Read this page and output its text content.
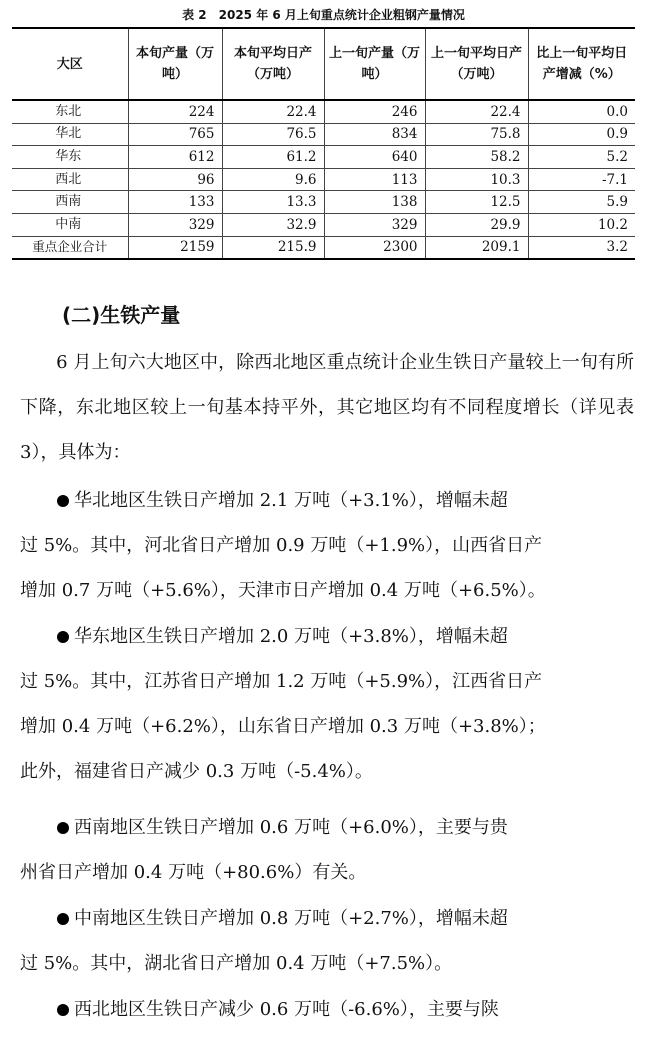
表 2　2025 年 6 月上旬重点统计企业粗钢产量情况
大区	本旬产量（万吨）	本旬平均日产（万吨）	上一旬产量（万吨）	上一旬平均日产（万吨）	比上一旬平均日产增减（%）
东北	224	22.4	246	22.4	0.0
华北	765	76.5	834	75.8	0.9
华东	612	61.2	640	58.2	5.2
西北	96	9.6	113	10.3	-7.1
西南	133	13.3	138	12.5	5.9
中南	329	32.9	329	29.9	10.2
重点企业合计	2159	215.9	2300	209.1	3.2
(二)生铁产量

　　6 月上旬六大地区中，除西北地区重点统计企业生铁日产量较上一旬有所下降，东北地区较上一旬基本持平外，其它地区均有不同程度增长（详见表 3），具体为：

　　　华北地区生铁日产增加 2.1 万吨（+3.1%），增幅未超
过 5%。其中，河北省日产增加 0.9 万吨（+1.9%），山西省日产
增加 0.7 万吨（+5.6%），天津市日产增加 0.4 万吨（+6.5%）。
　　　华东地区生铁日产增加 2.0 万吨（+3.8%），增幅未超
过 5%。其中，江苏省日产增加 1.2 万吨（+5.9%），江西省日产
增加 0.4 万吨（+6.2%），山东省日产增加 0.3 万吨（+3.8%）；
此外，福建省日产减少 0.3 万吨（-5.4%）。
　　　西南地区生铁日产增加 0.6 万吨（+6.0%），主要与贵
州省日产增加 0.4 万吨（+80.6%）有关。
　　　中南地区生铁日产增加 0.8 万吨（+2.7%），增幅未超
过 5%。其中，湖北省日产增加 0.4 万吨（+7.5%）。
　　　西北地区生铁日产减少 0.6 万吨（-6.6%），主要与陕
